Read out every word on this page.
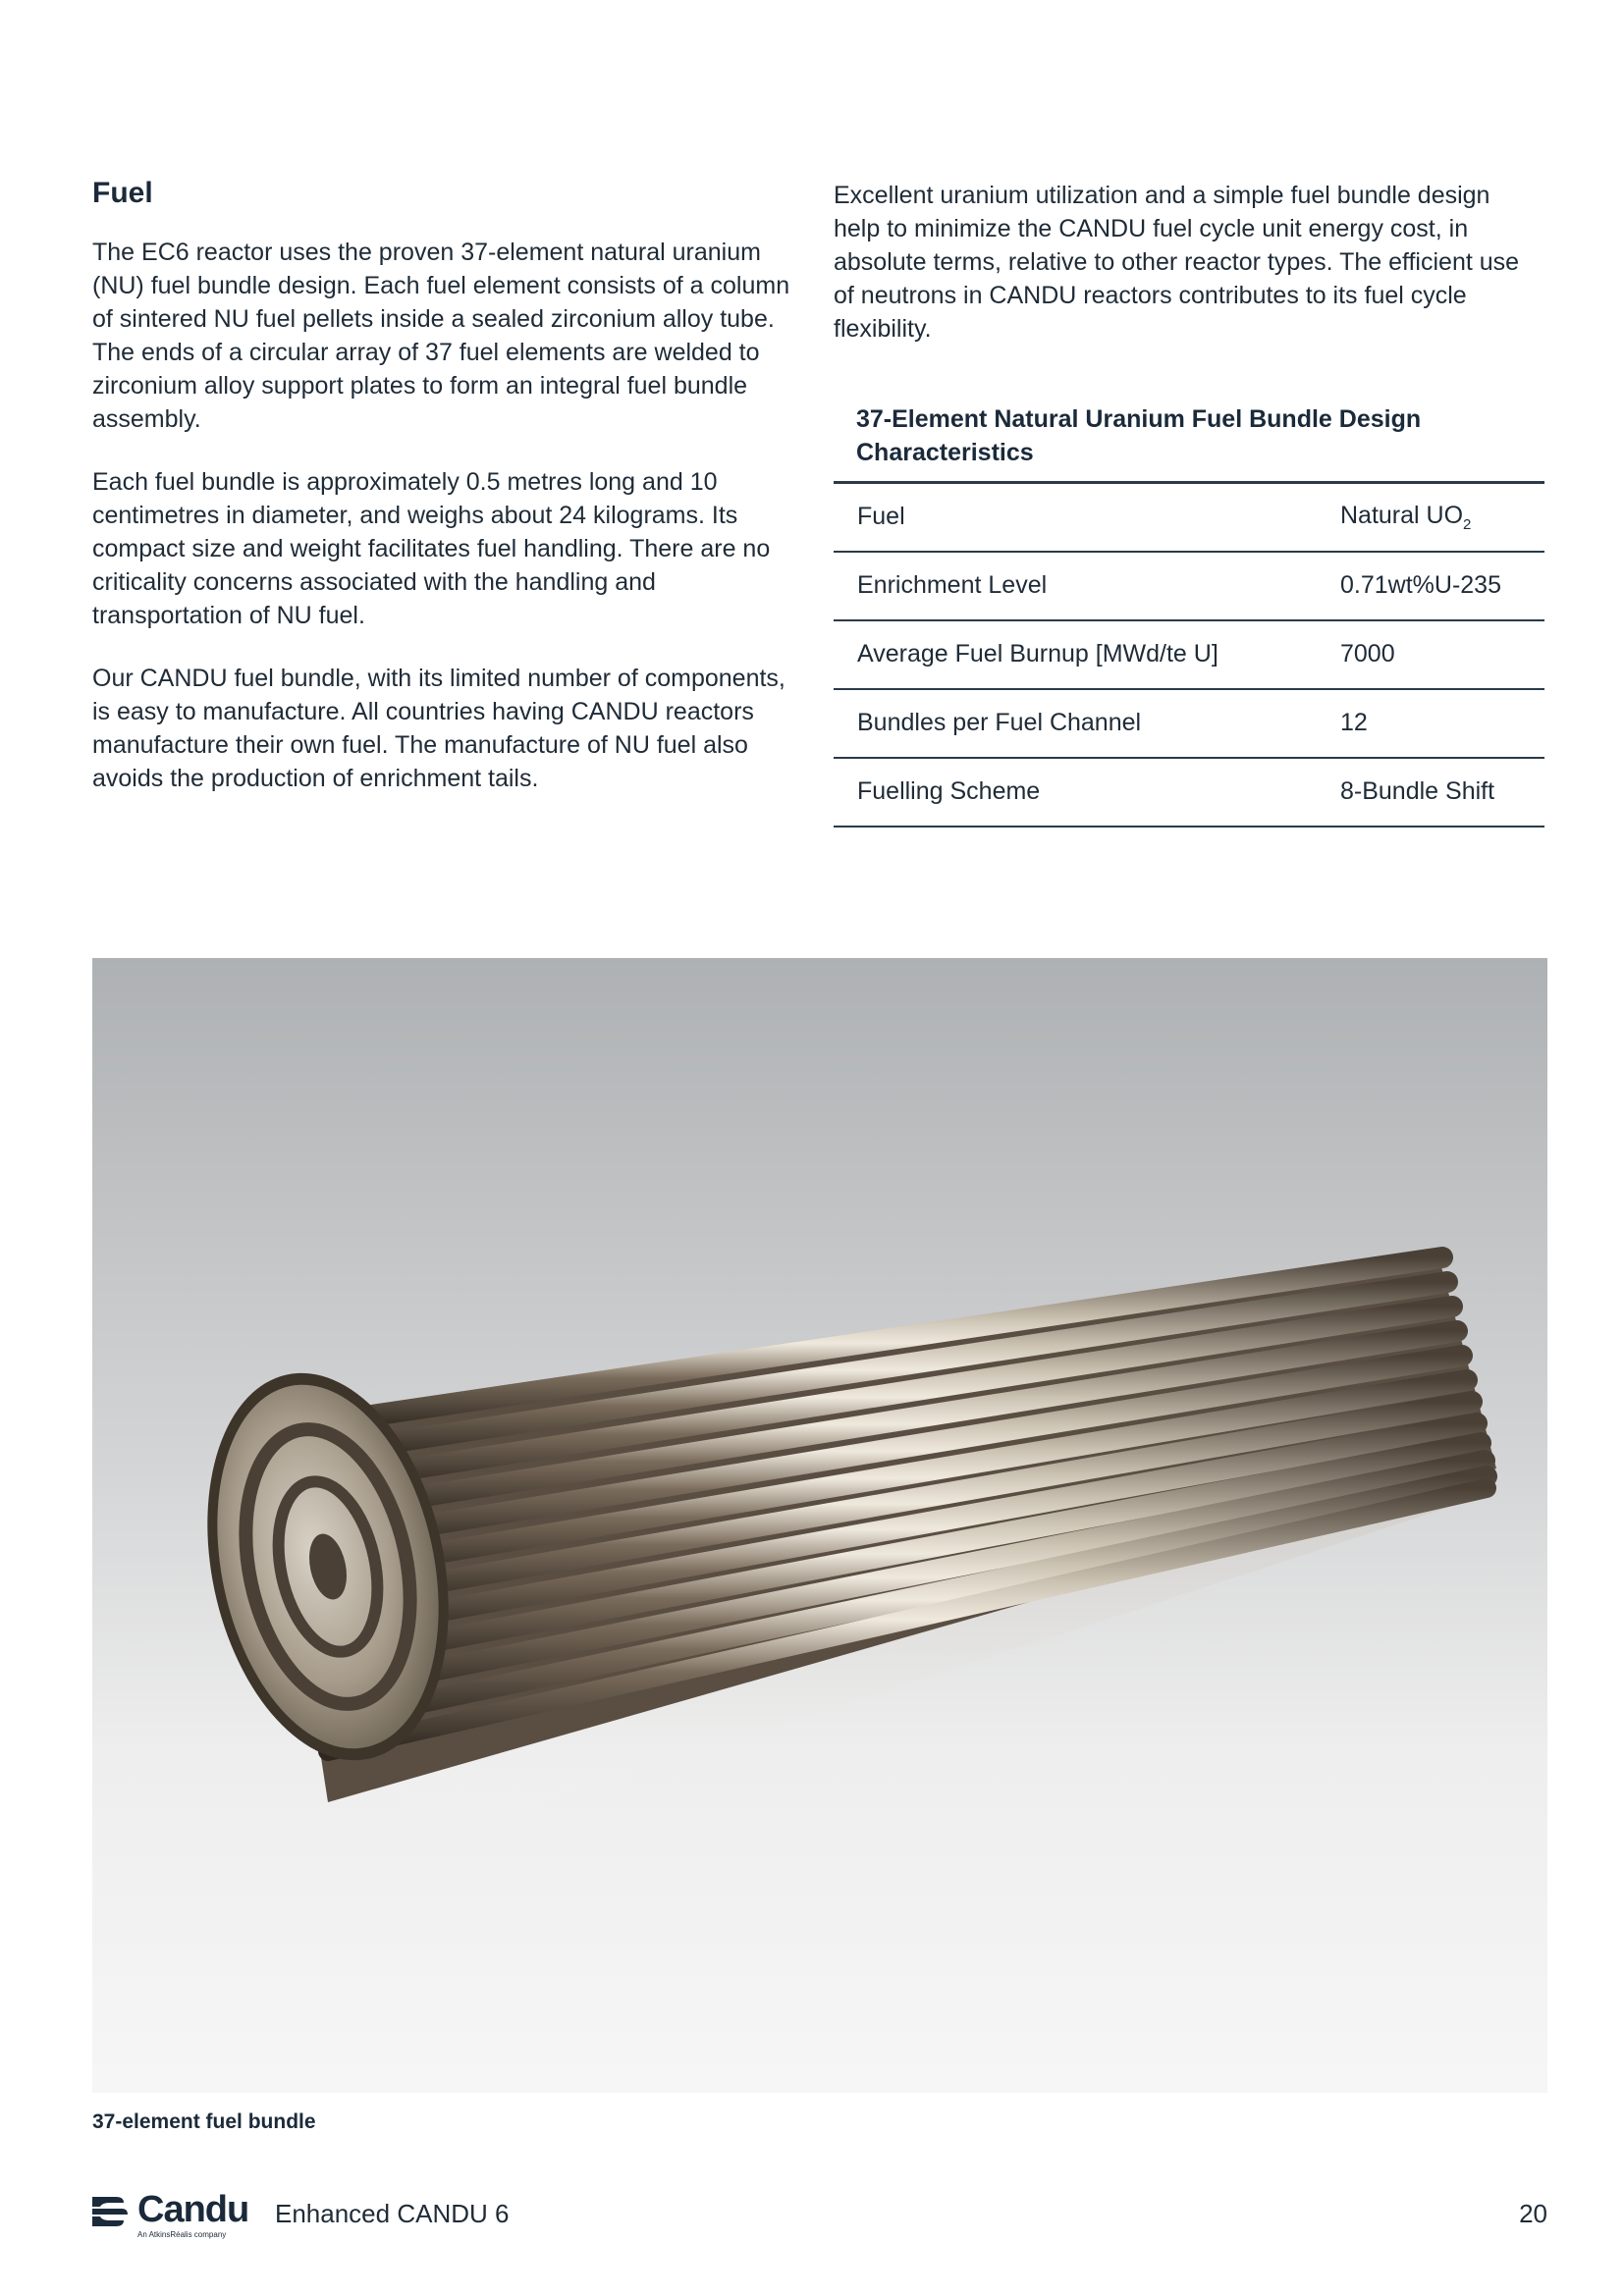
Fuel

The EC6 reactor uses the proven 37-element natural uranium (NU) fuel bundle design. Each fuel element consists of a column of sintered NU fuel pellets inside a sealed zirconium alloy tube. The ends of a circular array of 37 fuel elements are welded to zirconium alloy support plates to form an integral fuel bundle assembly.

Each fuel bundle is approximately 0.5 metres long and 10 centimetres in diameter, and weighs about 24 kilograms. Its compact size and weight facilitates fuel handling. There are no criticality concerns associated with the handling and transportation of NU fuel.

Our CANDU fuel bundle, with its limited number of components, is easy to manufacture. All countries having CANDU reactors manufacture their own fuel. The manufacture of NU fuel also avoids the production of enrichment tails.

Excellent uranium utilization and a simple fuel bundle design help to minimize the CANDU fuel cycle unit energy cost, in absolute terms, relative to other reactor types. The efficient use of neutrons in CANDU reactors contributes to its fuel cycle flexibility.

37-Element Natural Uranium Fuel Bundle Design Characteristics
Fuel	Natural $UO_2$
Enrichment Level	0.71wt%U-235
Average Fuel Burnup [MWd/te U]	7000
Bundles per Fuel Channel	12
Fuelling Scheme	8-Bundle Shift

37-element fuel bundle

Candu
An AtkinsRéalis company
Enhanced CANDU 6	20
